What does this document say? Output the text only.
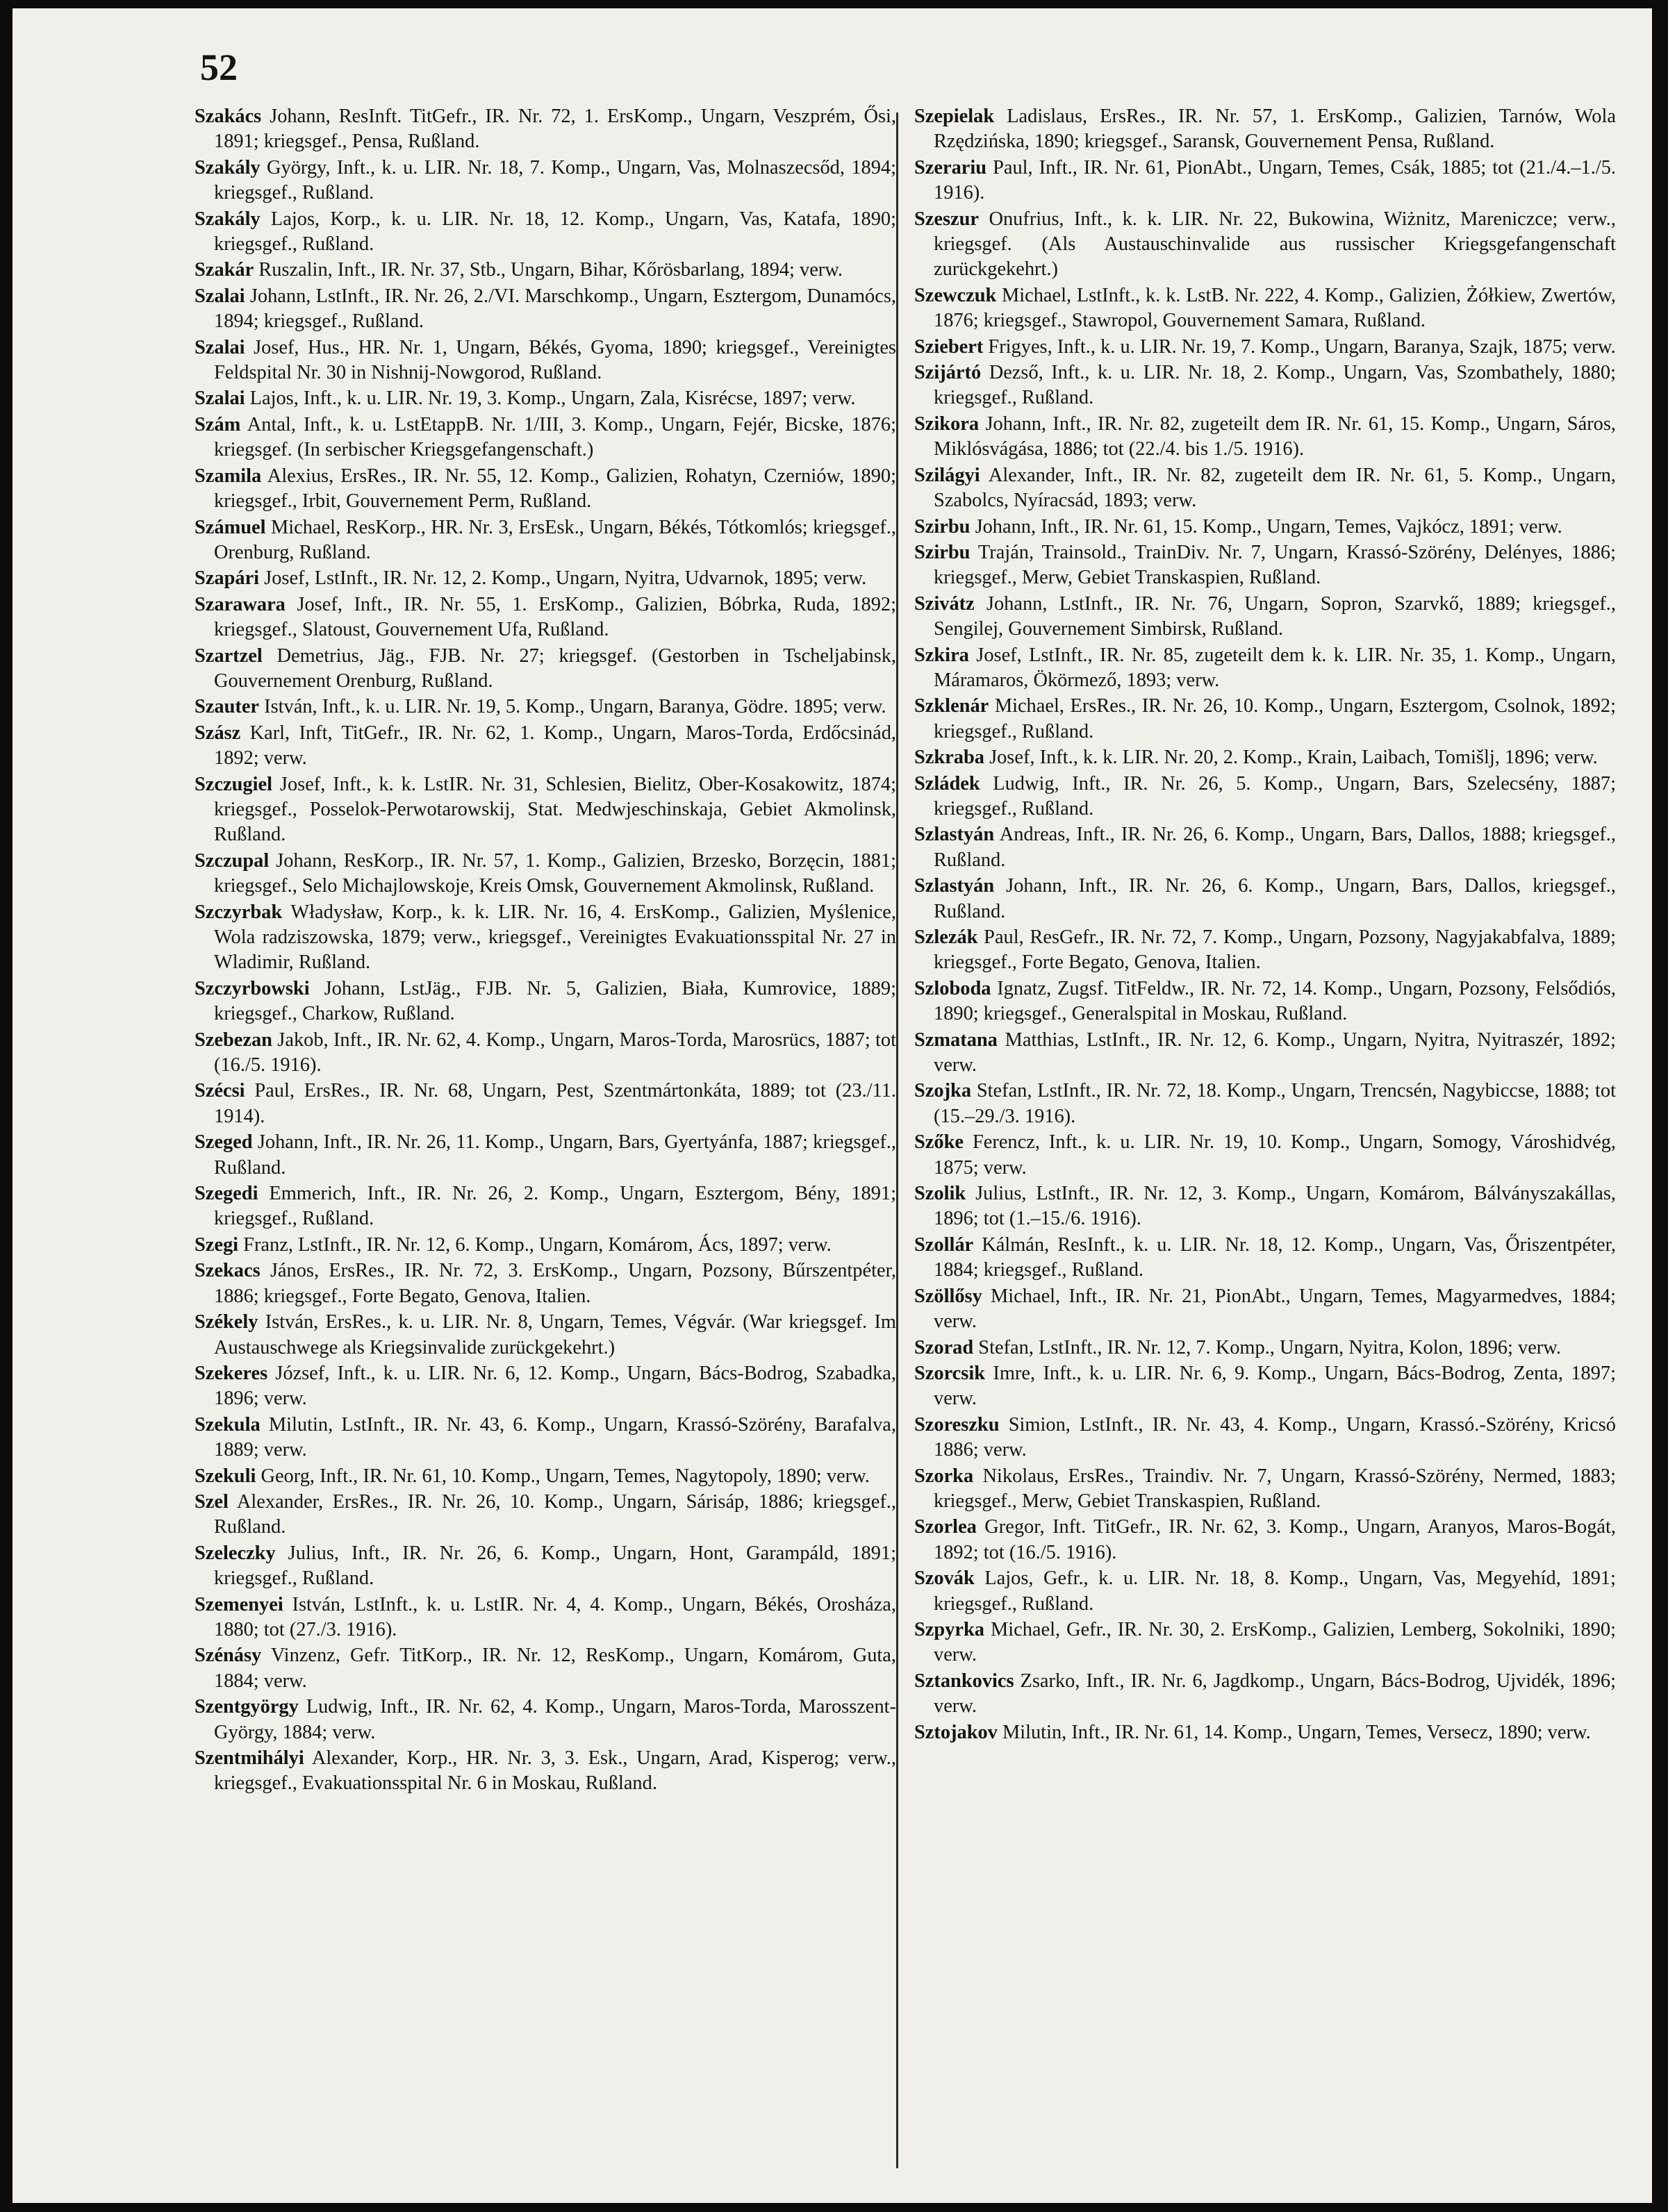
52

Szakács Johann, ResInft. TitGefr., IR. Nr. 72, 1. ErsKomp., Ungarn, Veszprém, Ősi, 1891; kriegsgef., Pensa, Rußland.

Szakály György, Inft., k. u. LIR. Nr. 18, 7. Komp., Ungarn, Vas, Molnaszecsőd, 1894; kriegsgef., Rußland.

Szakály Lajos, Korp., k. u. LIR. Nr. 18, 12. Komp., Ungarn, Vas, Katafa, 1890; kriegsgef., Rußland.

Szakár Ruszalin, Inft., IR. Nr. 37, Stb., Ungarn, Bihar, Kőrösbarlang, 1894; verw.

Szalai Johann, LstInft., IR. Nr. 26, 2./VI. Marschkomp., Ungarn, Esztergom, Dunamócs, 1894; kriegsgef., Rußland.

Szalai Josef, Hus., HR. Nr. 1, Ungarn, Békés, Gyoma, 1890; kriegsgef., Vereinigtes Feldspital Nr. 30 in Nishnij-Nowgorod, Rußland.

Szalai Lajos, Inft., k. u. LIR. Nr. 19, 3. Komp., Ungarn, Zala, Kisrécse, 1897; verw.

Szám Antal, Inft., k. u. LstEtappB. Nr. 1/III, 3. Komp., Ungarn, Fejér, Bicske, 1876; kriegsgef. (In serbischer Kriegsgefangenschaft.)

Szamila Alexius, ErsRes., IR. Nr. 55, 12. Komp., Galizien, Rohatyn, Czerniów, 1890; kriegsgef., Irbit, Gouvernement Perm, Rußland.

Számuel Michael, ResKorp., HR. Nr. 3, ErsEsk., Ungarn, Békés, Tótkomlós; kriegsgef., Orenburg, Rußland.

Szapári Josef, LstInft., IR. Nr. 12, 2. Komp., Ungarn, Nyitra, Udvarnok, 1895; verw.

Szarawara Josef, Inft., IR. Nr. 55, 1. ErsKomp., Galizien, Bóbrka, Ruda, 1892; kriegsgef., Slatoust, Gouvernement Ufa, Rußland.

Szartzel Demetrius, Jäg., FJB. Nr. 27; kriegsgef. (Gestorben in Tscheljabinsk, Gouvernement Orenburg, Rußland.

Szauter István, Inft., k. u. LIR. Nr. 19, 5. Komp., Ungarn, Baranya, Gödre. 1895; verw.

Szász Karl, Inft, TitGefr., IR. Nr. 62, 1. Komp., Ungarn, Maros-Torda, Erdőcsinád, 1892; verw.

Szczugiel Josef, Inft., k. k. LstIR. Nr. 31, Schlesien, Bielitz, Ober-Kosakowitz, 1874; kriegsgef., Posselok-Perwotarowskij, Stat. Medwjeschinskaja, Gebiet Akmolinsk, Rußland.

Szczupal Johann, ResKorp., IR. Nr. 57, 1. Komp., Galizien, Brzesko, Borzęcin, 1881; kriegsgef., Selo Michajlowskoje, Kreis Omsk, Gouvernement Akmolinsk, Rußland.

Szczyrbak Władysław, Korp., k. k. LIR. Nr. 16, 4. ErsKomp., Galizien, Myślenice, Wola radziszowska, 1879; verw., kriegsgef., Vereinigtes Evakuationsspital Nr. 27 in Wladimir, Rußland.

Szczyrbowski Johann, LstJäg., FJB. Nr. 5, Galizien, Biała, Kumrovice, 1889; kriegsgef., Charkow, Rußland.

Szebezan Jakob, Inft., IR. Nr. 62, 4. Komp., Ungarn, Maros-Torda, Marosrücs, 1887; tot (16./5. 1916).

Szécsi Paul, ErsRes., IR. Nr. 68, Ungarn, Pest, Szentmártonkáta, 1889; tot (23./11. 1914).

Szeged Johann, Inft., IR. Nr. 26, 11. Komp., Ungarn, Bars, Gyertyánfa, 1887; kriegsgef., Rußland.

Szegedi Emmerich, Inft., IR. Nr. 26, 2. Komp., Ungarn, Esztergom, Bény, 1891; kriegsgef., Rußland.

Szegi Franz, LstInft., IR. Nr. 12, 6. Komp., Ungarn, Komárom, Ács, 1897; verw.

Szekacs János, ErsRes., IR. Nr. 72, 3. ErsKomp., Ungarn, Pozsony, Bűrszentpéter, 1886; kriegsgef., Forte Begato, Genova, Italien.

Székely István, ErsRes., k. u. LIR. Nr. 8, Ungarn, Temes, Végvár. (War kriegsgef. Im Austauschwege als Kriegsinvalide zurückgekehrt.)

Szekeres József, Inft., k. u. LIR. Nr. 6, 12. Komp., Ungarn, Bács-Bodrog, Szabadka, 1896; verw.

Szekula Milutin, LstInft., IR. Nr. 43, 6. Komp., Ungarn, Krassó-Szörény, Barafalva, 1889; verw.

Szekuli Georg, Inft., IR. Nr. 61, 10. Komp., Ungarn, Temes, Nagytopoly, 1890; verw.

Szel Alexander, ErsRes., IR. Nr. 26, 10. Komp., Ungarn, Sárisáp, 1886; kriegsgef., Rußland.

Szeleczky Julius, Inft., IR. Nr. 26, 6. Komp., Ungarn, Hont, Garampáld, 1891; kriegsgef., Rußland.

Szemenyei István, LstInft., k. u. LstIR. Nr. 4, 4. Komp., Ungarn, Békés, Orosháza, 1880; tot (27./3. 1916).

Szénásy Vinzenz, Gefr. TitKorp., IR. Nr. 12, ResKomp., Ungarn, Komárom, Guta, 1884; verw.

Szentgyörgy Ludwig, Inft., IR. Nr. 62, 4. Komp., Ungarn, Maros-Torda, Marosszent-György, 1884; verw.

Szentmihályi Alexander, Korp., HR. Nr. 3, 3. Esk., Ungarn, Arad, Kisperog; verw., kriegsgef., Evakuationsspital Nr. 6 in Moskau, Rußland.

Szepielak Ladislaus, ErsRes., IR. Nr. 57, 1. ErsKomp., Galizien, Tarnów, Wola Rzędzińska, 1890; kriegsgef., Saransk, Gouvernement Pensa, Rußland.

Szerariu Paul, Inft., IR. Nr. 61, PionAbt., Ungarn, Temes, Csák, 1885; tot (21./4.–1./5. 1916).

Szeszur Onufrius, Inft., k. k. LIR. Nr. 22, Bukowina, Wiżnitz, Mareniczce; verw., kriegsgef. (Als Austauschinvalide aus russischer Kriegsgefangenschaft zurückgekehrt.)

Szewczuk Michael, LstInft., k. k. LstB. Nr. 222, 4. Komp., Galizien, Żółkiew, Zwertów, 1876; kriegsgef., Stawropol, Gouvernement Samara, Rußland.

Sziebert Frigyes, Inft., k. u. LIR. Nr. 19, 7. Komp., Ungarn, Baranya, Szajk, 1875; verw.

Szijártó Dezső, Inft., k. u. LIR. Nr. 18, 2. Komp., Ungarn, Vas, Szombathely, 1880; kriegsgef., Rußland.

Szikora Johann, Inft., IR. Nr. 82, zugeteilt dem IR. Nr. 61, 15. Komp., Ungarn, Sáros, Miklósvágása, 1886; tot (22./4. bis 1./5. 1916).

Szilágyi Alexander, Inft., IR. Nr. 82, zugeteilt dem IR. Nr. 61, 5. Komp., Ungarn, Szabolcs, Nyíracsád, 1893; verw.

Szirbu Johann, Inft., IR. Nr. 61, 15. Komp., Ungarn, Temes, Vajkócz, 1891; verw.

Szirbu Traján, Trainsold., TrainDiv. Nr. 7, Ungarn, Krassó-Szörény, Delényes, 1886; kriegsgef., Merw, Gebiet Transkaspien, Rußland.

Szivátz Johann, LstInft., IR. Nr. 76, Ungarn, Sopron, Szarvkő, 1889; kriegsgef., Sengilej, Gouvernement Simbirsk, Rußland.

Szkira Josef, LstInft., IR. Nr. 85, zugeteilt dem k. k. LIR. Nr. 35, 1. Komp., Ungarn, Máramaros, Ökörmező, 1893; verw.

Szklenár Michael, ErsRes., IR. Nr. 26, 10. Komp., Ungarn, Esztergom, Csolnok, 1892; kriegsgef., Rußland.

Szkraba Josef, Inft., k. k. LIR. Nr. 20, 2. Komp., Krain, Laibach, Tomišlj, 1896; verw.

Szládek Ludwig, Inft., IR. Nr. 26, 5. Komp., Ungarn, Bars, Szelecsény, 1887; kriegsgef., Rußland.

Szlastyán Andreas, Inft., IR. Nr. 26, 6. Komp., Ungarn, Bars, Dallos, 1888; kriegsgef., Rußland.

Szlastyán Johann, Inft., IR. Nr. 26, 6. Komp., Ungarn, Bars, Dallos, kriegsgef., Rußland.

Szlezák Paul, ResGefr., IR. Nr. 72, 7. Komp., Ungarn, Pozsony, Nagyjakabfalva, 1889; kriegsgef., Forte Begato, Genova, Italien.

Szloboda Ignatz, Zugsf. TitFeldw., IR. Nr. 72, 14. Komp., Ungarn, Pozsony, Felsődiós, 1890; kriegsgef., Generalspital in Moskau, Rußland.

Szmatana Matthias, LstInft., IR. Nr. 12, 6. Komp., Ungarn, Nyitra, Nyitraszér, 1892; verw.

Szojka Stefan, LstInft., IR. Nr. 72, 18. Komp., Ungarn, Trencsén, Nagybiccse, 1888; tot (15.–29./3. 1916).

Szőke Ferencz, Inft., k. u. LIR. Nr. 19, 10. Komp., Ungarn, Somogy, Városhidvég, 1875; verw.

Szolik Julius, LstInft., IR. Nr. 12, 3. Komp., Ungarn, Komárom, Bálványszakállas, 1896; tot (1.–15./6. 1916).

Szollár Kálmán, ResInft., k. u. LIR. Nr. 18, 12. Komp., Ungarn, Vas, Őriszentpéter, 1884; kriegsgef., Rußland.

Szöllősy Michael, Inft., IR. Nr. 21, PionAbt., Ungarn, Temes, Magyarmedves, 1884; verw.

Szorad Stefan, LstInft., IR. Nr. 12, 7. Komp., Ungarn, Nyitra, Kolon, 1896; verw.

Szorcsik Imre, Inft., k. u. LIR. Nr. 6, 9. Komp., Ungarn, Bács-Bodrog, Zenta, 1897; verw.

Szoreszku Simion, LstInft., IR. Nr. 43, 4. Komp., Ungarn, Krassó.-Szörény, Kricsó 1886; verw.

Szorka Nikolaus, ErsRes., Traindiv. Nr. 7, Ungarn, Krassó-Szörény, Nermed, 1883; kriegsgef., Merw, Gebiet Transkaspien, Rußland.

Szorlea Gregor, Inft. TitGefr., IR. Nr. 62, 3. Komp., Ungarn, Aranyos, Maros-Bogát, 1892; tot (16./5. 1916).

Szovák Lajos, Gefr., k. u. LIR. Nr. 18, 8. Komp., Ungarn, Vas, Megyehíd, 1891; kriegsgef., Rußland.

Szpyrka Michael, Gefr., IR. Nr. 30, 2. ErsKomp., Galizien, Lemberg, Sokolniki, 1890; verw.

Sztankovics Zsarko, Inft., IR. Nr. 6, Jagdkomp., Ungarn, Bács-Bodrog, Ujvidék, 1896; verw.

Sztojakov Milutin, Inft., IR. Nr. 61, 14. Komp., Ungarn, Temes, Versecz, 1890; verw.
